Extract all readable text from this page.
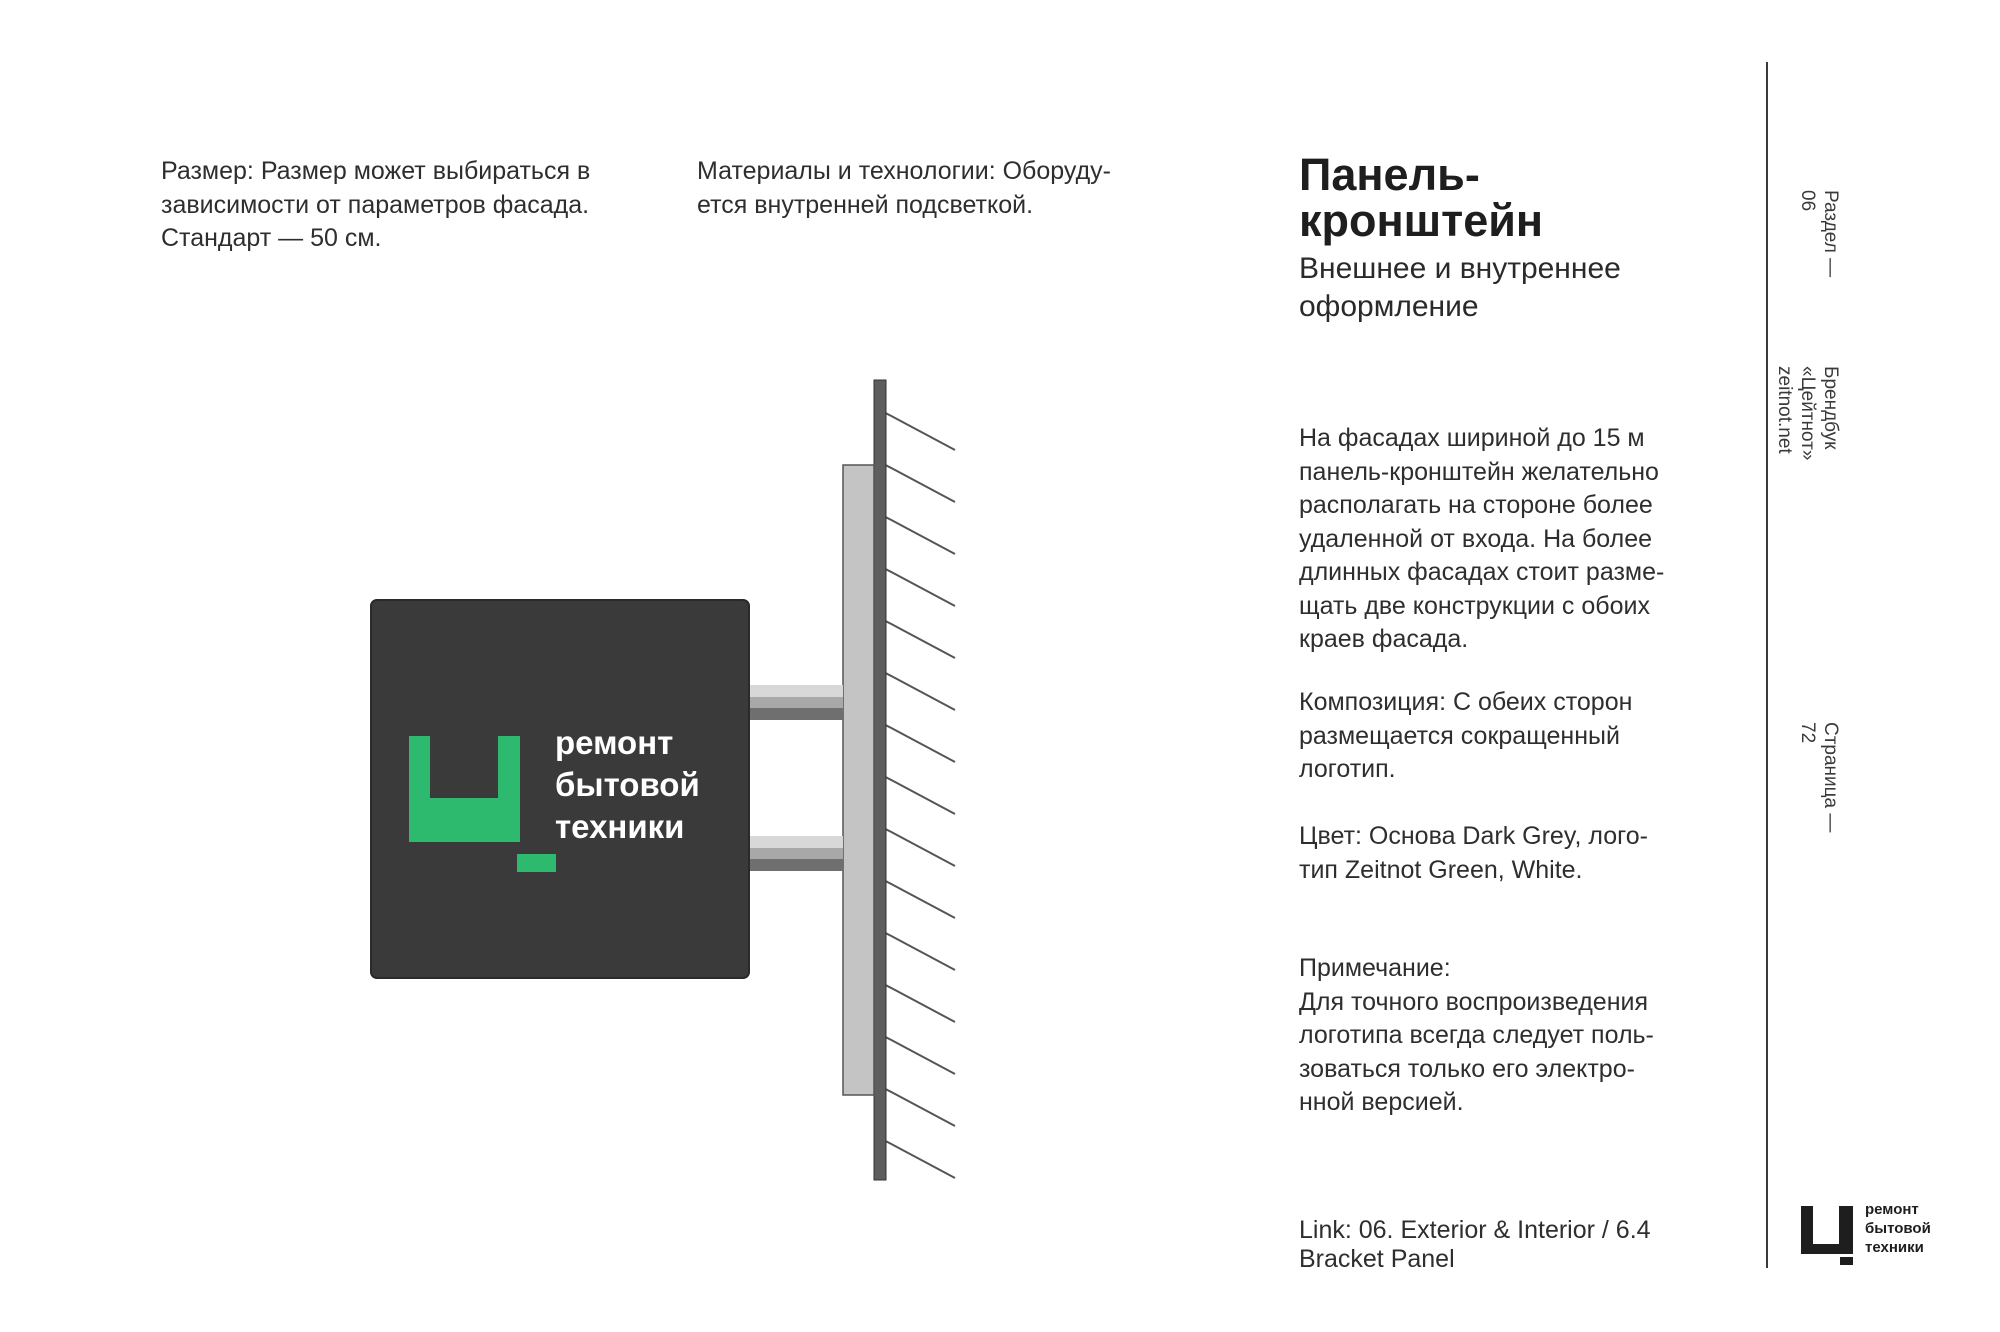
Размер: Размер может выбираться в
зависимости от параметров фасада.
Стандарт — 50 см.
Материалы и технологии: Оборуду-
ется внутренней подсветкой.
Панель-
кронштейн
Внешнее и внутреннее
оформление
На фасадах шириной до 15 м
панель-кронштейн желательно
располагать на стороне более
удаленной от входа. На более
длинных фасадах стоит разме-
щать две конструкции с обоих
краев фасада.
Композиция: С обеих сторон
размещается сокращенный
логотип.
Цвет: Основа Dark Grey, лого-
тип Zeitnot Green, White.
Примечание:
Для точного воспроизведения
логотипа всегда следует поль-
зоваться только его электро-
нной версией.
Link: 06. Exterior & Interior / 6.4
Bracket Panel
Раздел —
06
Брендбук «Цейтнот»
zeitnot.net
Страница —
72
ремонт
бытовой
техники
ремонт
бытовой
техники
